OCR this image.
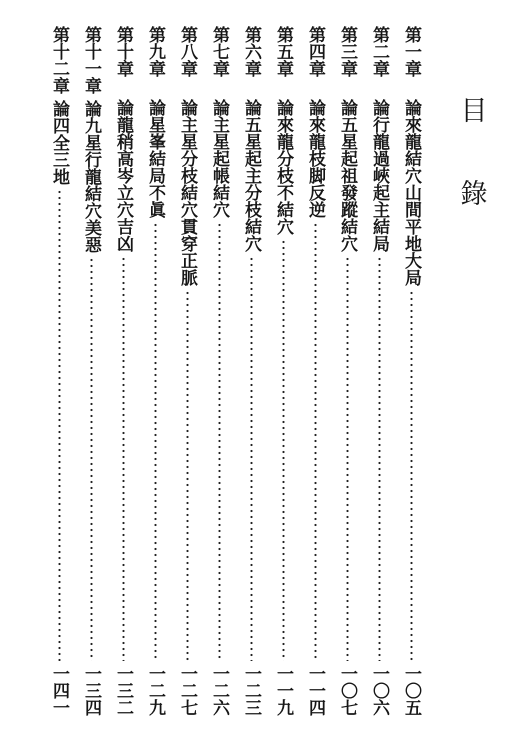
目
錄
第一章
論來龍結穴山間平地大局
一〇五
第二章
論行龍過峽起主結局
一〇六
第三章
論五星起祖發蹤結穴
一〇七
第四章
論來龍枝脚反逆
一一四
第五章
論來龍分枝不結穴
一一九
第六章
論五星起主分枝結穴
一二三
第七章
論主星起帳結穴
一二六
第八章
論主星分枝結穴貫穿正脈
一二七
第九章
論星峯結局不眞
一二九
第十章
論龍稍高岑立穴吉凶
一三二
第十一章
論九星行龍結穴美惡
一三四
第十二章
論四全三地
一四一
